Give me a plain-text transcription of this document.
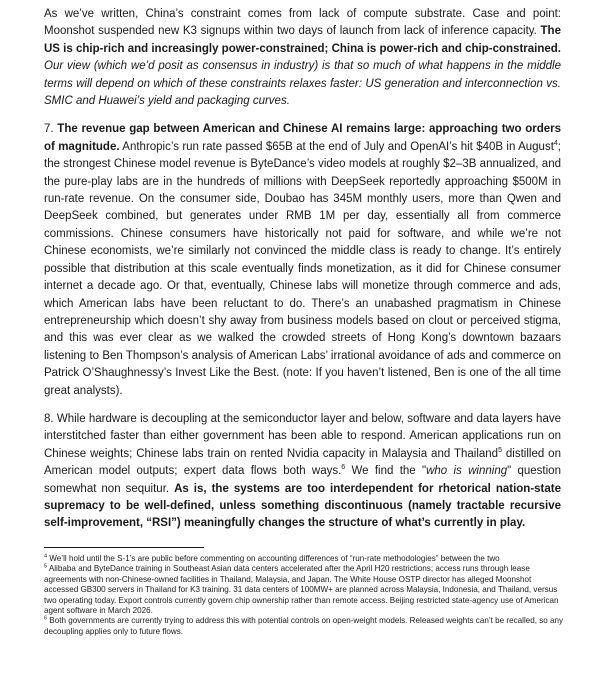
As we’ve written, China’s constraint comes from lack of compute substrate. Case and point: Moonshot suspended new K3 signups within two days of launch from lack of inference capacity. The US is chip-rich and increasingly power-constrained; China is power-rich and chip-constrained. Our view (which we’d posit as consensus in industry) is that so much of what happens in the middle terms will depend on which of these constraints relaxes faster: US generation and interconnection vs. SMIC and Huawei’s yield and packaging curves.

7. The revenue gap between American and Chinese AI remains large: approaching two orders of magnitude. Anthropic’s run rate passed $65B at the end of July and OpenAI’s hit $40B in August$^4$; the strongest Chinese model revenue is ByteDance’s video models at roughly $2–3B annualized, and the pure-play labs are in the hundreds of millions with DeepSeek reportedly approaching $500M in run-rate revenue. On the consumer side, Doubao has 345M monthly users, more than Qwen and DeepSeek combined, but generates under RMB 1M per day, essentially all from commerce commissions. Chinese consumers have historically not paid for software, and while we’re not Chinese economists, we’re similarly not convinced the middle class is ready to change. It’s entirely possible that distribution at this scale eventually finds monetization, as it did for Chinese consumer internet a decade ago. Or that, eventually, Chinese labs will monetize through commerce and ads, which American labs have been reluctant to do. There’s an unabashed pragmatism in Chinese entrepreneurship which doesn’t shy away from business models based on clout or perceived stigma, and this was ever clear as we walked the crowded streets of Hong Kong’s downtown bazaars listening to Ben Thompson’s analysis of American Labs’ irrational avoidance of ads and commerce on Patrick O’Shaughnessy’s Invest Like the Best. (note: If you haven’t listened, Ben is one of the all time great analysts).

8. While hardware is decoupling at the semiconductor layer and below, software and data layers have interstitched faster than either government has been able to respond. American applications run on Chinese weights; Chinese labs train on rented Nvidia capacity in Malaysia and Thailand$^5$ distilled on American model outputs; expert data flows both ways.$^6$ We find the "who is winning" question somewhat non sequitur. As is, the systems are too interdependent for rhetorical nation-state supremacy to be well-defined, unless something discontinuous (namely tractable recursive self-improvement, “RSI”) meaningfully changes the structure of what’s currently in play.

$^4$ We’ll hold until the S-1’s are public before commenting on accounting differences of “run-rate methodologies” between the two

$^5$ Alibaba and ByteDance training in Southeast Asian data centers accelerated after the April H20 restrictions; access runs through lease agreements with non-Chinese-owned facilities in Thailand, Malaysia, and Japan. The White House OSTP director has alleged Moonshot accessed GB300 servers in Thailand for K3 training. 31 data centers of 100MW+ are planned across Malaysia, Indonesia, and Thailand, versus two operating today. Export controls currently govern chip ownership rather than remote access. Beijing restricted state-agency use of American agent software in March 2026.

$^6$ Both governments are currently trying to address this with potential controls on open-weight models. Released weights can’t be recalled, so any decoupling applies only to future flows.
